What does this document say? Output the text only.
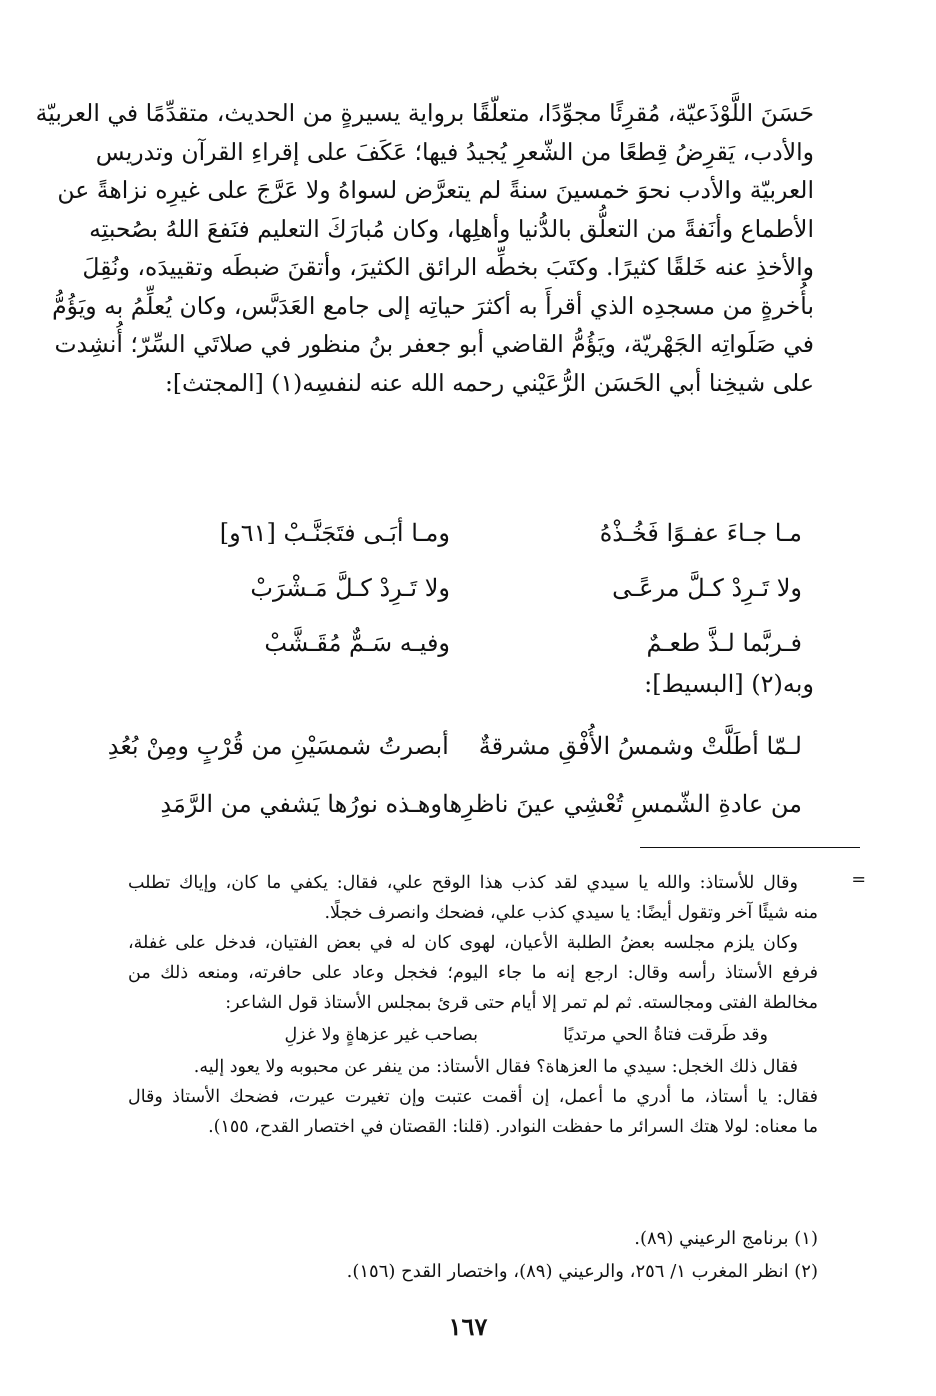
حَسَنَ اللَّوْذَعيّة، مُقرِئًا مجوِّدًا، متعلّقًا برواية يسيرةٍ من الحديث، متقدِّمًا في العربيّة
والأدب، يَقرِضُ قِطعًا من الشّعرِ يُجيدُ فيها؛ عَكَفَ على إقراءِ القرآن وتدريس
العربيّة والأدب نحوَ خمسينَ سنةً لم يتعرَّض لسواهُ ولا عَرَّجَ على غيرِه نزاهةً عن
الأطماع وأنَفةً من التعلُّق بالدُّنيا وأهلِها، وكان مُبارَكَ التعليم فنَفعَ اللهُ بصُحبتِه
والأخذِ عنه خَلقًا كثيرًا. وكتَبَ بخطِّه الرائق الكثيرَ، وأتقنَ ضبطَه وتقييدَه، ونُقِلَ
بأُخرةٍ من مسجدِه الذي أقرأَ به أكثرَ حياتِه إلى جامع العَدَبَّس، وكان يُعلِّمُ به ويَؤُمُّ
في صَلَواتِه الجَهْريّة، ويَؤُمُّ القاضي أبو جعفر بنُ منظور في صلاتَي السِّرّ؛ أُنشِدت
على شيخِنا أبي الحَسَن الرُّعَيْني رحمه الله عنه لنفسِه(١) [المجتث]:
مـا جـاءَ عفـوًا فَخُـذْهُ
ومـا أبَـى فتَجَنَّـبْ [٦١و]
ولا تَـرِدْ كـلَّ مرعًـى
ولا تَـرِدْ كـلَّ مَـشْرَبْ
فـربَّما لـذَّ طعـمٌ
وفيـه سَـمٌّ مُقَـشَّبْ
وبه(٢) [البسيط]:
لـمّا أطَلَّتْ وشمسُ الأُفْقِ مشرقةٌ
أبصرتُ شمسَيْنِ من قُرْبٍ ومِنْ بُعُدِ
من عادةِ الشّمسِ تُعْشِي عينَ ناظرِها
وهـذه نورُها يَشفي من الرَّمَدِ
=
وقال للأستاذ: والله يا سيدي لقد كذب هذا الوقح علي، فقال: يكفي ما كان، وإياك تطلب
منه شيئًا آخر وتقول أيضًا: يا سيدي كذب علي، فضحك وانصرف خجلًا.
وكان يلزم مجلسه بعضُ الطلبة الأعيان، لهوى كان له في بعض الفتيان، فدخل على غفلة،
فرفع الأستاذ رأسه وقال: ارجع إنه ما جاء اليوم؛ فخجل وعاد على حافرته، ومنعه ذلك من
مخالطة الفتى ومجالسته. ثم لم تمر إلا أيام حتى قرئ بمجلس الأستاذ قول الشاعر:
وقد طَرقت فتاةُ الحي مرتديًا
بصاحب غير عزهاةٍ ولا غزلِ
فقال ذلك الخجل: سيدي ما العزهاة؟ فقال الأستاذ: من ينفر عن محبوبه ولا يعود إليه.
فقال: يا أستاذ، ما أدري ما أعمل، إن أقمت عتبت وإن تغيرت عيرت، فضحك الأستاذ وقال
ما معناه: لولا هتك السرائر ما حفظت النوادر. (قلنا: القصتان في اختصار القدح، ١٥٥).
(١) برنامج الرعيني (٨٩).
(٢) انظر المغرب ١/ ٢٥٦، والرعيني (٨٩)، واختصار القدح (١٥٦).
١٦٧
